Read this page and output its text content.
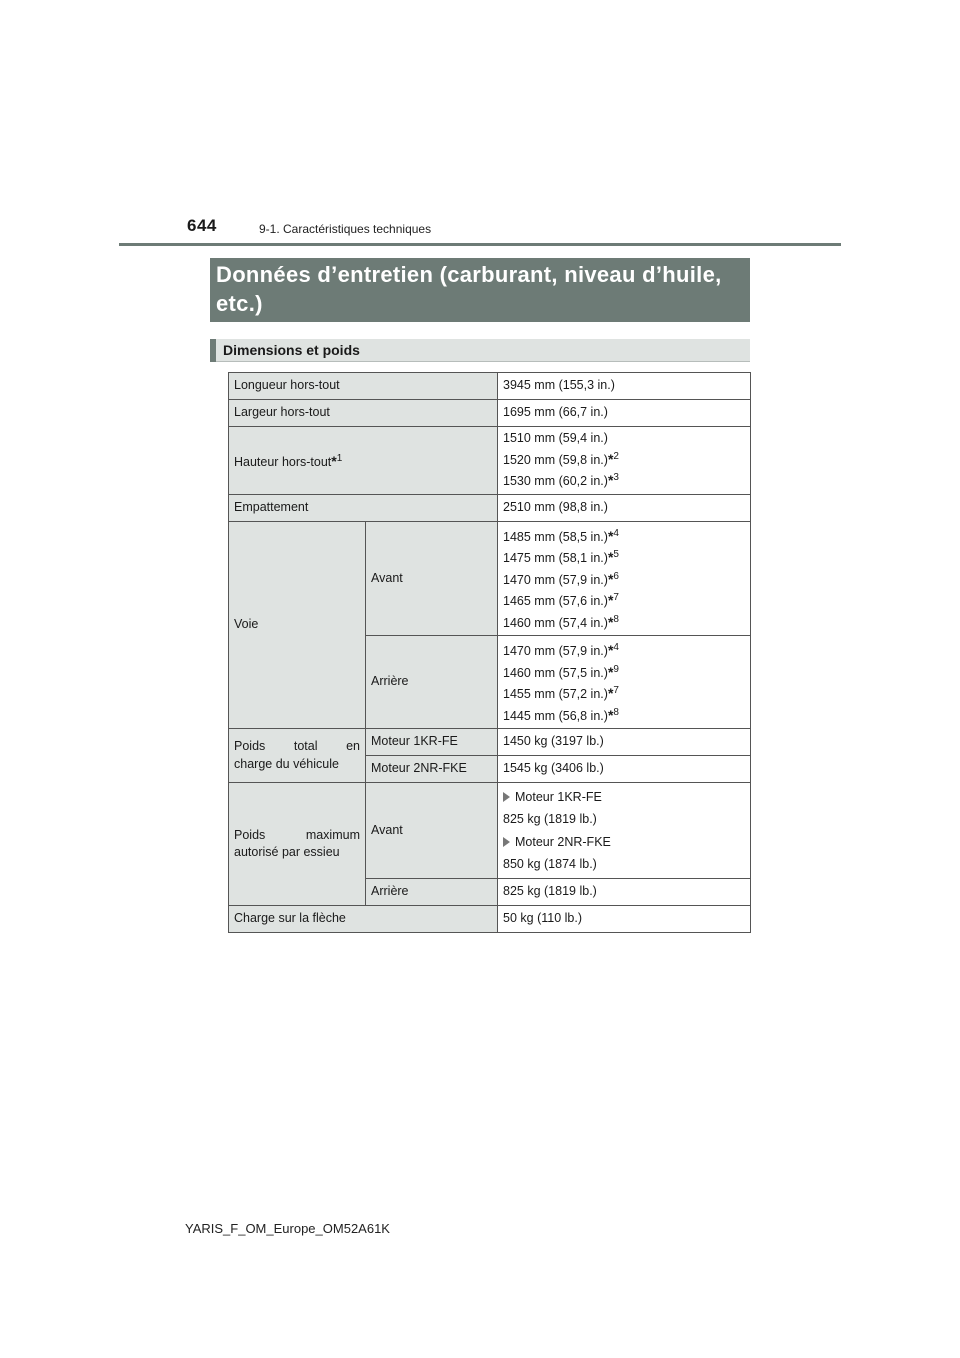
644	9-1. Caractéristiques techniques
Données d’entretien (carburant, niveau d’huile, etc.)
Dimensions et poids
Longueur hors-tout		3945 mm (155,3 in.)
Largeur hors-tout		1695 mm (66,7 in.)
Hauteur hors-tout*$^1$		1510 mm (59,4 in.)
1520 mm (59,8 in.)*$^2$
1530 mm (60,2 in.)*$^3$
Empattement		2510 mm (98,8 in.)
Voie	Avant	1485 mm (58,5 in.)*$^4$
1475 mm (58,1 in.)*$^5$
1470 mm (57,9 in.)*$^6$
1465 mm (57,6 in.)*$^7$
1460 mm (57,4 in.)*$^8$
	Arrière	1470 mm (57,9 in.)*$^4$
1460 mm (57,5 in.)*$^9$
1455 mm (57,2 in.)*$^7$
1445 mm (56,8 in.)*$^8$

Poids total en
charge du véhicule	Moteur 1KR-FE	1450 kg (3197 lb.)
	Moteur 2NR-FKE	1545 kg (3406 lb.)

Poids maximum
autorisé par essieu	Avant	Moteur 1KR-FE
825 kg (1819 lb.)
Moteur 2NR-FKE
850 kg (1874 lb.)

	Arrière	825 kg (1819 lb.)
Charge sur la flèche		50 kg (110 lb.)
YARIS_F_OM_Europe_OM52A61K
